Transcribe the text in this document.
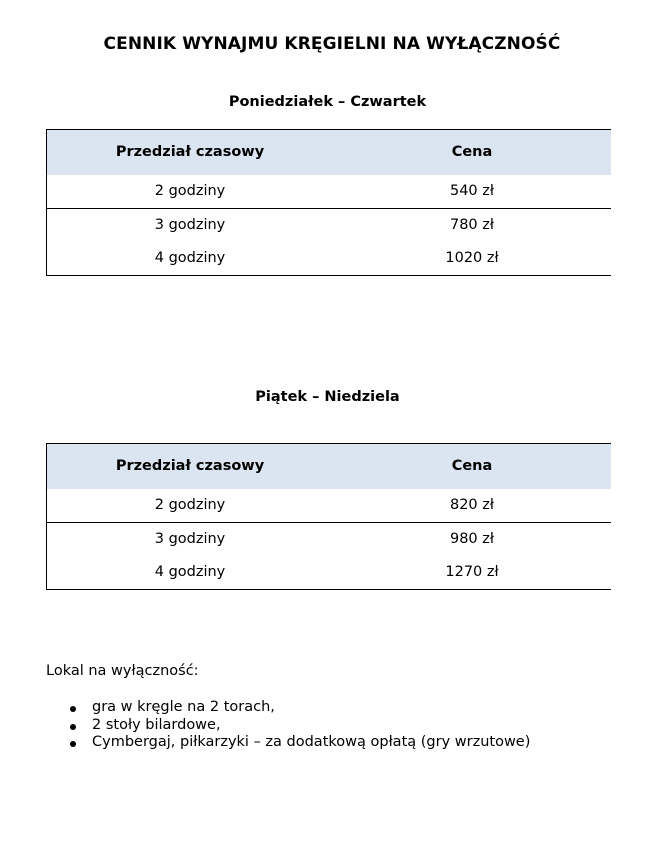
CENNIK WYNAJMU KRĘGIELNI NA WYŁĄCZNOŚĆ
Poniedziałek – Czwartek
Przedział czasowy	Cena
2 godziny	540 zł
3 godziny	780 zł
4 godziny	1020 zł
Piątek – Niedziela
Przedział czasowy	Cena
2 godziny	820 zł
3 godziny	980 zł
4 godziny	1270 zł
Lokal na wyłączność:
gra w kręgle na 2 torach,
2 stoły bilardowe,
Cymbergaj, piłkarzyki – za dodatkową opłatą (gry wrzutowe)
